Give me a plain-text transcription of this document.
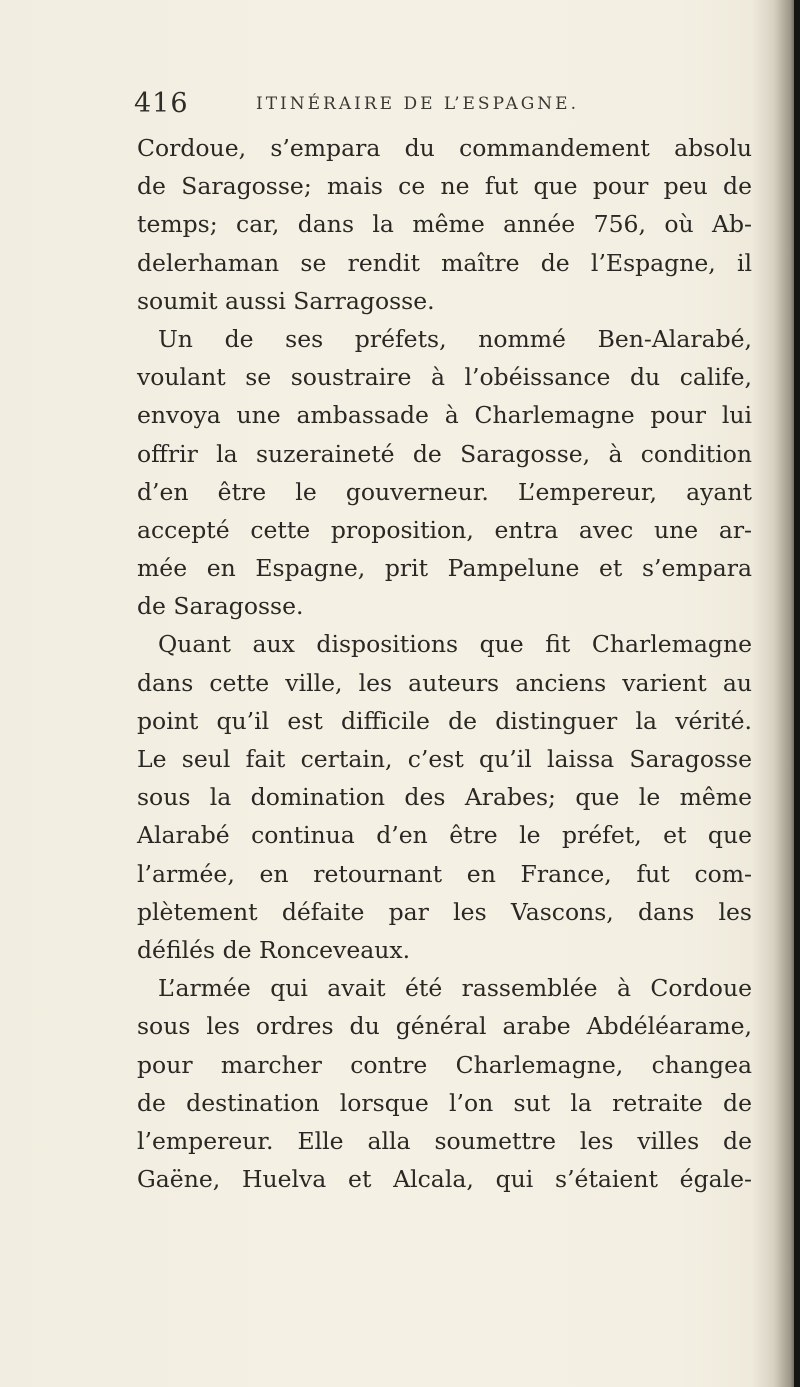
416	ITINÉRAIRE DE L’ESPAGNE.
Cordoue, s’empara du commandement absolu
de Saragosse; mais ce ne fut que pour peu de
temps; car, dans la même année 756, où Ab-
delerhaman se rendit maître de l’Espagne, il
soumit aussi Sarragosse.
Un de ses préfets, nommé Ben-Alarabé,
voulant se soustraire à l’obéissance du calife,
envoya une ambassade à Charlemagne pour lui
offrir la suzeraineté de Saragosse, à condition
d’en être le gouverneur. L’empereur, ayant
accepté cette proposition, entra avec une ar-
mée en Espagne, prit Pampelune et s’empara
de Saragosse.
Quant aux dispositions que fit Charlemagne
dans cette ville, les auteurs anciens varient au
point qu’il est difficile de distinguer la vérité.
Le seul fait certain, c’est qu’il laissa Saragosse
sous la domination des Arabes; que le même
Alarabé continua d’en être le préfet, et que
l’armée, en retournant en France, fut com-
plètement défaite par les Vascons, dans les
défilés de Ronceveaux.
L’armée qui avait été rassemblée à Cordoue
sous les ordres du général arabe Abdéléarame,
pour marcher contre Charlemagne, changea
de destination lorsque l’on sut la retraite de
l’empereur. Elle alla soumettre les villes de
Gaëne, Huelva et Alcala, qui s’étaient égale-
